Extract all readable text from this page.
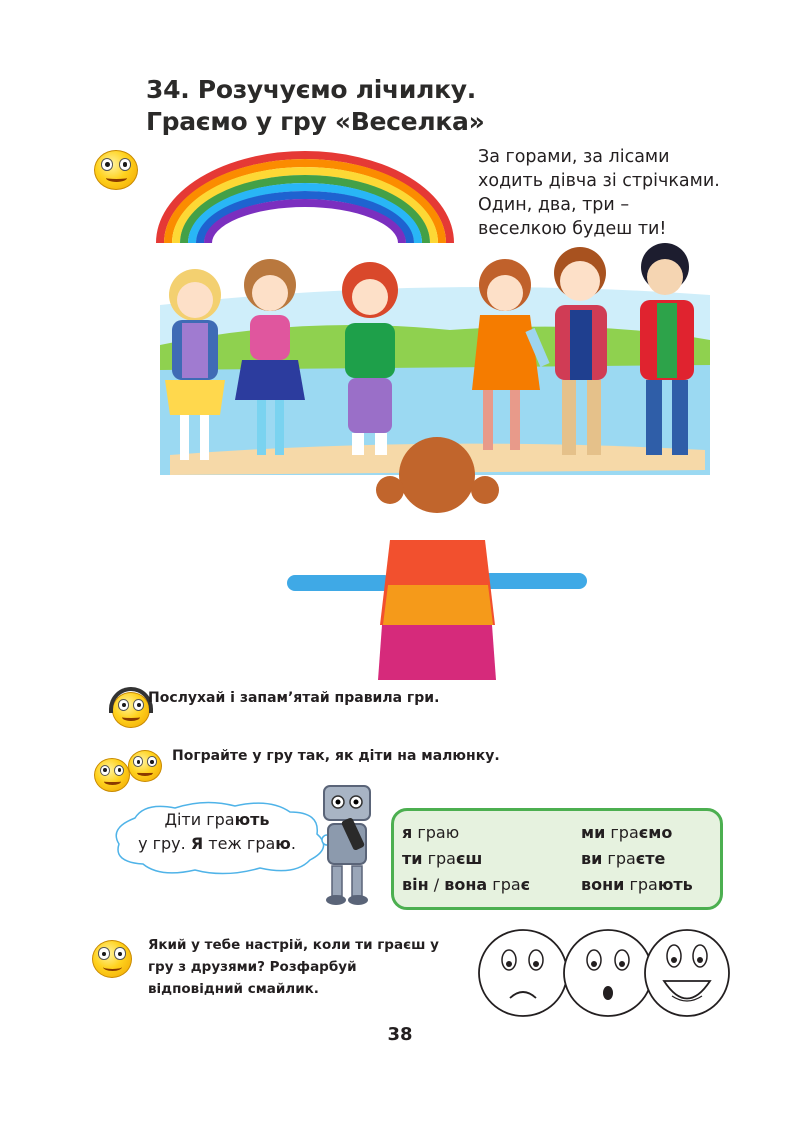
34. Розучуємо лічилку.
Граємо у гру «Веселка»
За горами, за лісами
ходить дівча зі стрічками.
Один, два, три –
веселкою будеш ти!
Послухай і запам’ятай правила гри.
Пограйте у гру так, як діти на малюнку.
Діти грають
у гру. Я теж граю.
я граю
ти граєш
він / вона грає
ми граємо
ви граєте
вони грають
Який у тебе настрій, коли ти граєш у гру з друзями? Розфарбуй відповідний смайлик.
38
